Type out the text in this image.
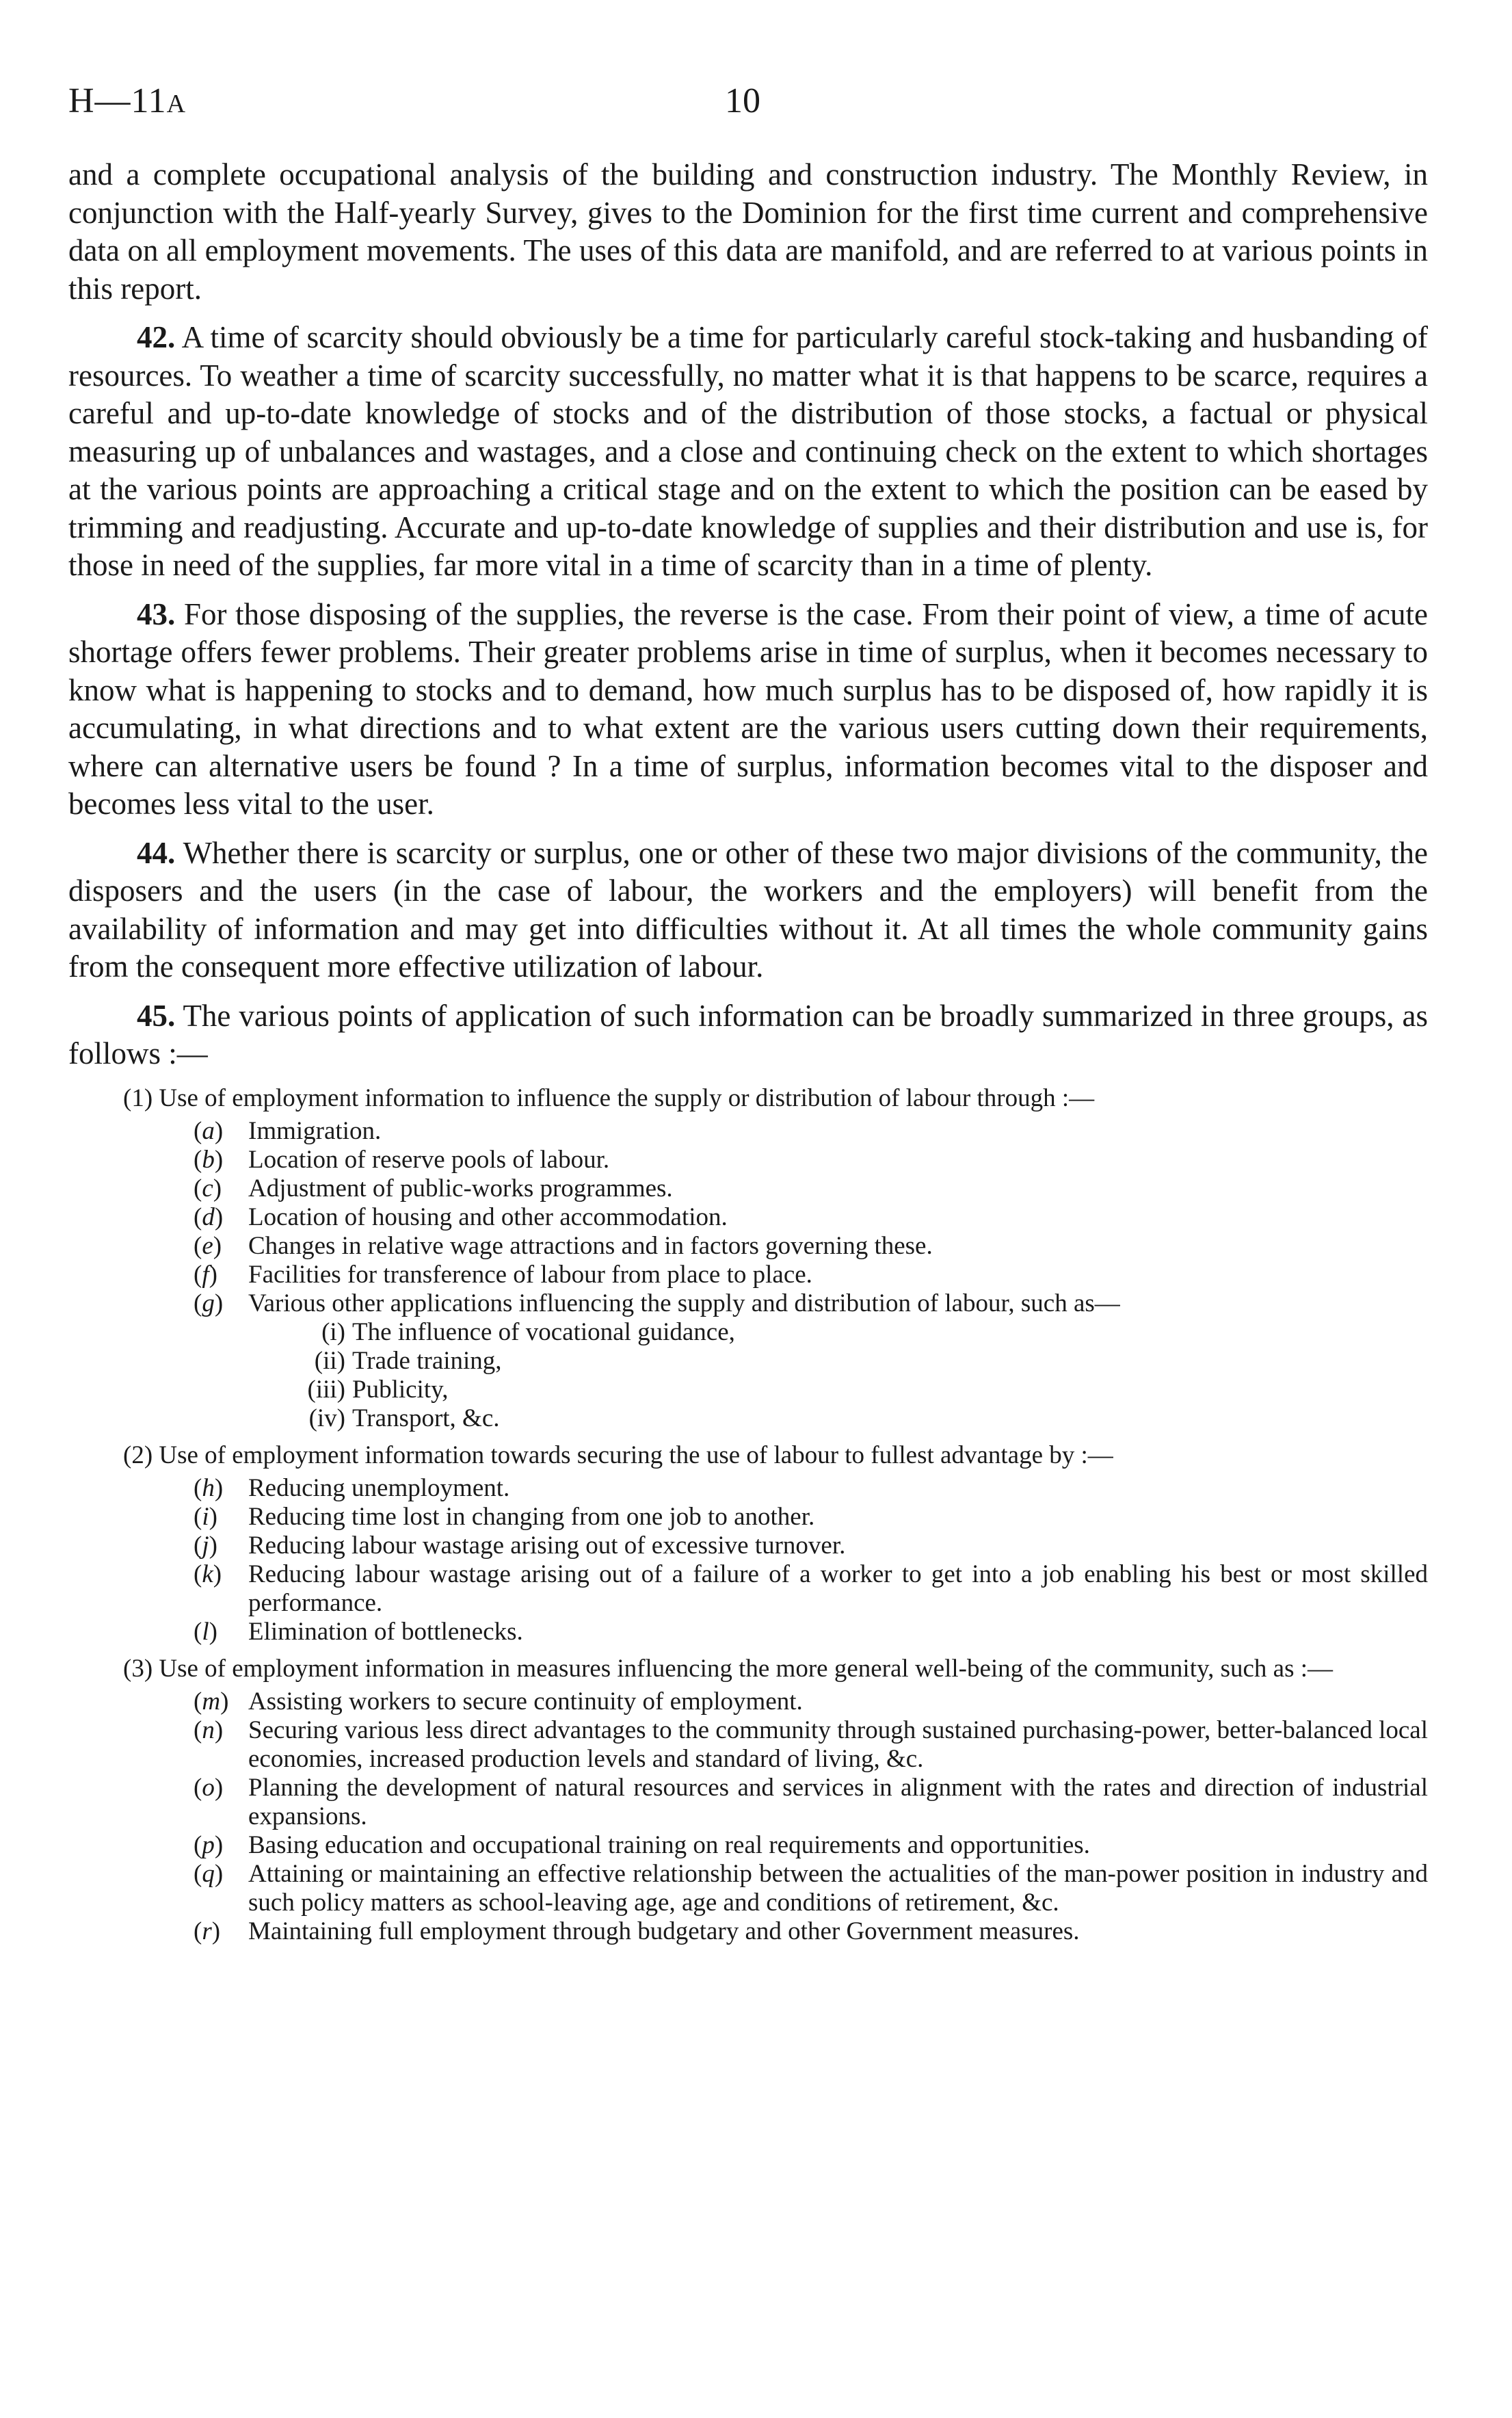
H—11A	10

and a complete occupational analysis of the building and construction industry. The Monthly Review, in conjunction with the Half-yearly Survey, gives to the Dominion for the first time current and comprehensive data on all employment movements. The uses of this data are manifold, and are referred to at various points in this report.

42. A time of scarcity should obviously be a time for particularly careful stock-taking and husbanding of resources. To weather a time of scarcity successfully, no matter what it is that happens to be scarce, requires a careful and up-to-date knowledge of stocks and of the distribution of those stocks, a factual or physical measuring up of unbalances and wastages, and a close and continuing check on the extent to which shortages at the various points are approaching a critical stage and on the extent to which the position can be eased by trimming and readjusting. Accurate and up-to-date knowledge of supplies and their distribution and use is, for those in need of the supplies, far more vital in a time of scarcity than in a time of plenty.

43. For those disposing of the supplies, the reverse is the case. From their point of view, a time of acute shortage offers fewer problems. Their greater problems arise in time of surplus, when it becomes necessary to know what is happening to stocks and to demand, how much surplus has to be disposed of, how rapidly it is accumulating, in what directions and to what extent are the various users cutting down their requirements, where can alternative users be found ? In a time of surplus, information becomes vital to the disposer and becomes less vital to the user.

44. Whether there is scarcity or surplus, one or other of these two major divisions of the community, the disposers and the users (in the case of labour, the workers and the employers) will benefit from the availability of information and may get into difficulties without it. At all times the whole community gains from the consequent more effective utilization of labour.

45. The various points of application of such information can be broadly summarized in three groups, as follows :—

(1) Use of employment information to influence the supply or distribution of labour through :—

(a) Immigration.

(b) Location of reserve pools of labour.

(c) Adjustment of public-works programmes.

(d) Location of housing and other accommodation.

(e) Changes in relative wage attractions and in factors governing these.

(f) Facilities for transference of labour from place to place.

(g) Various other applications influencing the supply and distribution of labour, such as—

(i) The influence of vocational guidance,

(ii) Trade training,

(iii) Publicity,

(iv) Transport, &c.

(2) Use of employment information towards securing the use of labour to fullest advantage by :—

(h) Reducing unemployment.

(i) Reducing time lost in changing from one job to another.

(j) Reducing labour wastage arising out of excessive turnover.

(k) Reducing labour wastage arising out of a failure of a worker to get into a job enabling his best or most skilled performance.

(l) Elimination of bottlenecks.

(3) Use of employment information in measures influencing the more general well-being of the community, such as :—

(m) Assisting workers to secure continuity of employment.

(n) Securing various less direct advantages to the community through sustained purchasing-power, better-balanced local economies, increased production levels and standard of living, &c.

(o) Planning the development of natural resources and services in alignment with the rates and direction of industrial expansions.

(p) Basing education and occupational training on real requirements and opportunities.

(q) Attaining or maintaining an effective relationship between the actualities of the man-power position in industry and such policy matters as school-leaving age, age and conditions of retirement, &c.

(r) Maintaining full employment through budgetary and other Government measures.
